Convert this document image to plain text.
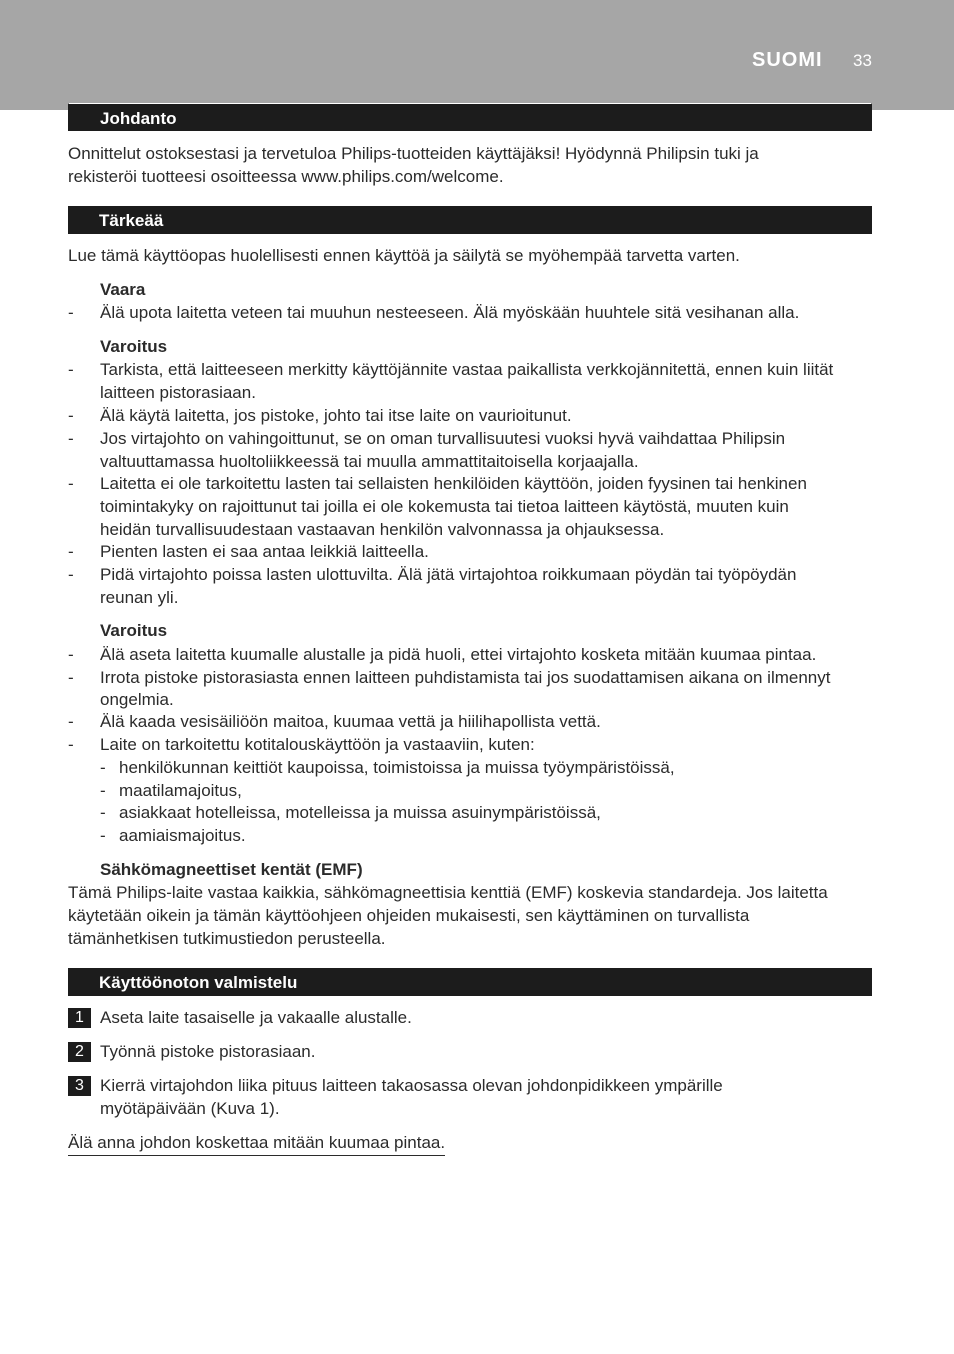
SUOMI 33
Johdanto
Onnittelut ostoksestasi ja tervetuloa Philips-tuotteiden käyttäjäksi! Hyödynnä Philipsin tuki ja
rekisteröi tuotteesi osoitteessa www.philips.com/welcome.
Tärkeää
Lue tämä käyttöopas huolellisesti ennen käyttöä ja säilytä se myöhempää tarvetta varten.
Vaara
- Älä upota laitetta veteen tai muuhun nesteeseen. Älä myöskään huuhtele sitä vesihanan alla.
Varoitus
- Tarkista, että laitteeseen merkitty käyttöjännite vastaa paikallista verkkojännitettä, ennen kuin liität
laitteen pistorasiaan.
- Älä käytä laitetta, jos pistoke, johto tai itse laite on vaurioitunut.
- Jos virtajohto on vahingoittunut, se on oman turvallisuutesi vuoksi hyvä vaihdattaa Philipsin
valtuuttamassa huoltoliikkeessä tai muulla ammattitaitoisella korjaajalla.
- Laitetta ei ole tarkoitettu lasten tai sellaisten henkilöiden käyttöön, joiden fyysinen tai henkinen
toimintakyky on rajoittunut tai joilla ei ole kokemusta tai tietoa laitteen käytöstä, muuten kuin
heidän turvallisuudestaan vastaavan henkilön valvonnassa ja ohjauksessa.
- Pienten lasten ei saa antaa leikkiä laitteella.
- Pidä virtajohto poissa lasten ulottuvilta. Älä jätä virtajohtoa roikkumaan pöydän tai työpöydän
reunan yli.
Varoitus
- Älä aseta laitetta kuumalle alustalle ja pidä huoli, ettei virtajohto kosketa mitään kuumaa pintaa.
- Irrota pistoke pistorasiasta ennen laitteen puhdistamista tai jos suodattamisen aikana on ilmennyt
ongelmia.
- Älä kaada vesisäiliöön maitoa, kuumaa vettä ja hiilihapollista vettä.
- Laite on tarkoitettu kotitalouskäyttöön ja vastaaviin, kuten:
- henkilökunnan keittiöt kaupoissa, toimistoissa ja muissa työympäristöissä,
- maatilamajoitus,
- asiakkaat hotelleissa, motelleissa ja muissa asuinympäristöissä,
- aamiaismajoitus.
Sähkömagneettiset kentät (EMF)
Tämä Philips-laite vastaa kaikkia, sähkömagneettisia kenttiä (EMF) koskevia standardeja. Jos laitetta
käytetään oikein ja tämän käyttöohjeen ohjeiden mukaisesti, sen käyttäminen on turvallista
tämänhetkisen tutkimustiedon perusteella.
Käyttöönoton valmistelu
1 Aseta laite tasaiselle ja vakaalle alustalle.
2 Työnnä pistoke pistorasiaan.
3 Kierrä virtajohdon liika pituus laitteen takaosassa olevan johdonpidikkeen ympärille
myötäpäivään (Kuva 1).
Älä anna johdon koskettaa mitään kuumaa pintaa.
